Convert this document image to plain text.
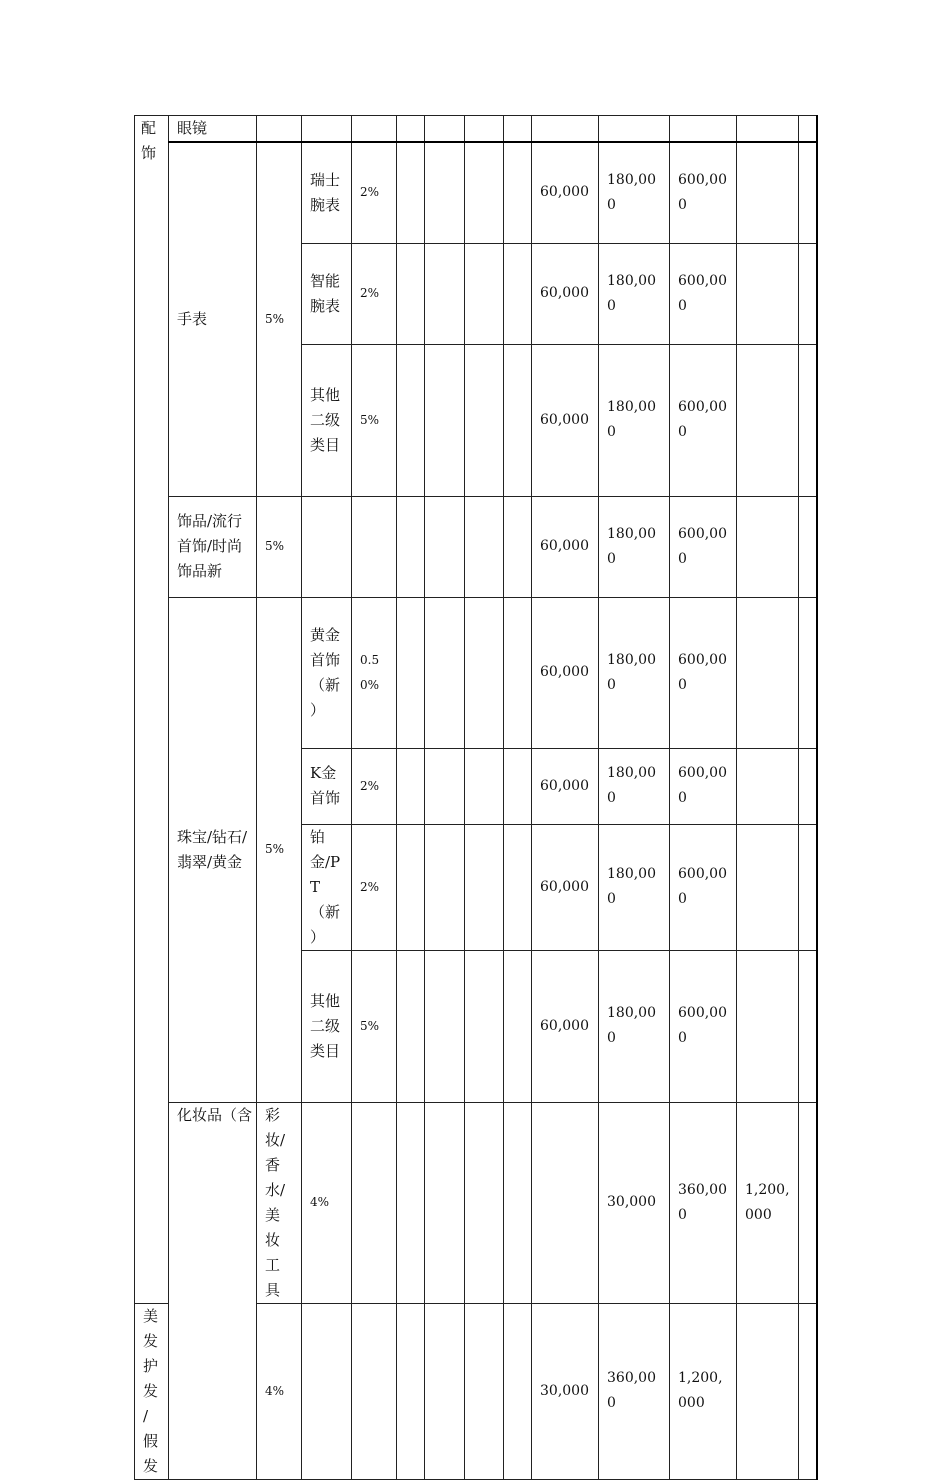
配饰	眼镜													
	手表	5%	瑞士腕表	2%					60,000	180,000	600,000			
			智能腕表	2%					60,000	180,000	600,000			
			其他二级类目	5%					60,000	180,000	600,000			
	饰品/流行首饰/时尚饰品新	5%							60,000	180,000	600,000			
	珠宝/钻石/翡翠/黄金	5%	黄金首饰（新）	0.50%					60,000	180,000	600,000			
			K金首饰	2%					60,000	180,000	600,000			
			铂金/PT（新）	2%					60,000	180,000	600,000			
			其他二级类目	5%					60,000	180,000	600,000			
	化妆品（含	彩妆/香水/美妆工具	4%							30,000	360,000	1,200,000		
美发护发/假发		4%							30,000	360,000	1,200,000			
